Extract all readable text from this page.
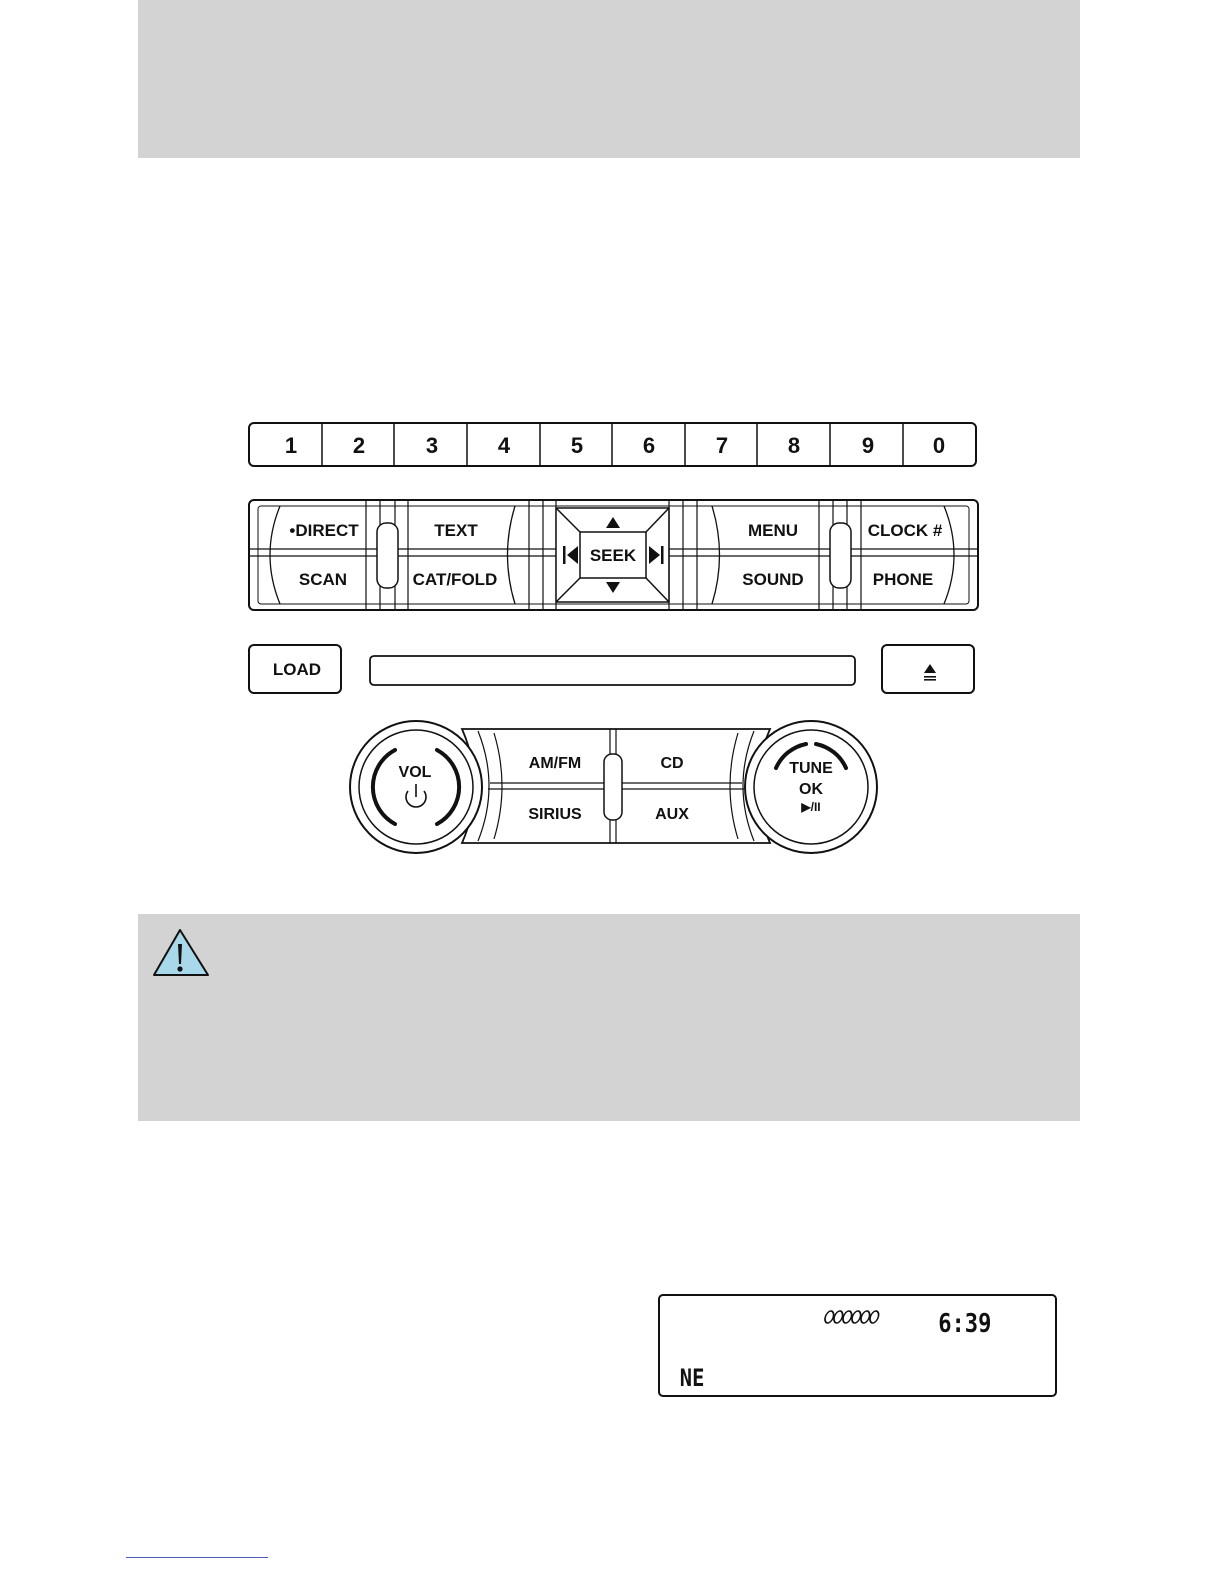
1	2	3	4	5	6	7	8	9	0
•DIRECT
SCAN
TEXT
CAT/FOLD
SEEK
MENU
SOUND
CLOCK #
PHONE
LOAD
VOL
AM/FM
SIRIUS
CD
AUX
TUNE
OK
▶/II
6:39
NE
